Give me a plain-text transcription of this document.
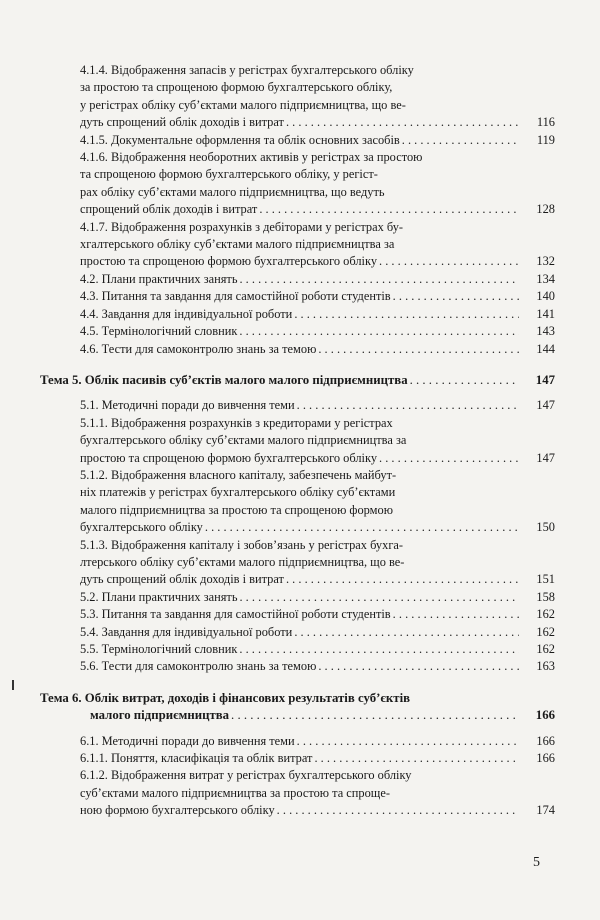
4.1.4. Відображення запасів у регістрах бухгалтерського обліку
за простою та спрощеною формою бухгалтерського обліку,
у регістрах обліку суб’єктами малого підприємництва, що ве-
дуть спрощений облік доходів і витрат . . .	116
4.1.5. Документальне оформлення та облік основних засобів . . .	119
4.1.6. Відображення необоротних активів у регістрах за простою
та спрощеною формою бухгалтерського обліку, у регіст-
рах обліку суб’єктами малого підприємництва, що ведуть
спрощений облік доходів і витрат . . .	128
4.1.7. Відображення розрахунків з дебіторами у регістрах бу-
хгалтерського обліку суб’єктами малого підприємництва за
простою та спрощеною формою бухгалтерського обліку . . .	132
4.2. Плани практичних занять . . .	134
4.3. Питання та завдання для самостійної роботи студентів . . .	140
4.4. Завдання для індивідуальної роботи . . .	141
4.5. Термінологічний словник . . .	143
4.6. Тести для самоконтролю знань за темою . . .	144
Тема 5. Облік пасивів суб’єктів малого малого підприємництва . . .	147
5.1. Методичні поради до вивчення теми . . .	147
5.1.1. Відображення розрахунків з кредиторами у регістрах
бухгалтерського обліку суб’єктами малого підприємництва за
простою та спрощеною формою бухгалтерського обліку . . .	147
5.1.2. Відображення власного капіталу, забезпечень майбут-
ніх платежів у регістрах бухгалтерського обліку суб’єктами
малого підприємництва за простою та спрощеною формою
бухгалтерського обліку . . .	150
5.1.3. Відображення капіталу і зобов’язань у регістрах бухга-
лтерського обліку суб’єктами малого підприємництва, що ве-
дуть спрощений облік доходів і витрат . . .	151
5.2. Плани практичних занять . . .	158
5.3. Питання та завдання для самостійної роботи студентів . . .	162
5.4. Завдання для індивідуальної роботи . . .	162
5.5. Термінологічний словник . . .	162
5.6. Тести для самоконтролю знань за темою . . .	163
Тема 6. Облік витрат, доходів і фінансових результатів суб’єктів
малого підприємництва . . .	166
6.1. Методичні поради до вивчення теми . . .	166
6.1.1. Поняття, класифікація та облік витрат . . .	166
6.1.2. Відображення витрат у регістрах бухгалтерського обліку
суб’єктами малого підприємництва за простою та спроще-
ною формою бухгалтерського обліку . . .	174
5
